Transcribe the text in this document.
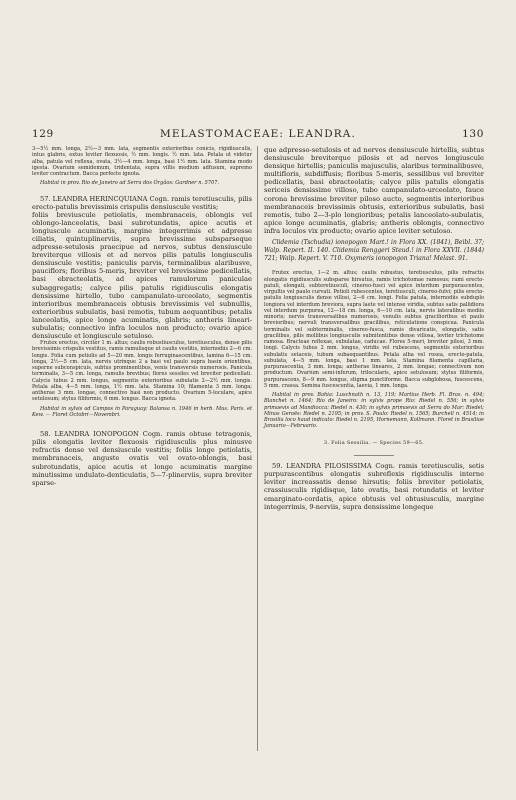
129	MELASTOMACEAE: LEANDRA.	130

3—5½ mm. longa, 2½—3 mm. lata, segmentis exterioribus conicis, rigidiusculis, intus glabris, extus leviter flexuosis, ½ mm. longis. ½ mm. lata. Petala ut videtur alba, patula vel reflexa, ovata, 3½—4 mm. longa, basi 1½ mm. lata. Stamina modo igesta. Ovarium semidemum, tridentata, supra villis medium adfusum, supremo leviter contractum. Bacca perfecte ignota.

Habitat in prov. Rio de Janeiro ad Serra dos Órgãos: Gardner n. 5707.

57. LEANDRA HERINCQUIANA Cogn. ramis teretiusculis, pilis erecto-patulis brevissimis crispulis densiuscule vestitis;

foliis breviuscule petiolatis, membranaceis, oblongis vel oblongo-lanceolatis, basi subrotundatis, apice acutis et longiuscule acuminatis, margine integerrimis et adpresse ciliatis, quintuplinerviis, supra brevissime subsparseque adpresse-setulosis praecipue ad nervos, subtus densiuscule breviterque villosis et ad nervos pilis patulis longiusculis densiuscule vestitis; paniculis parvis, terminalibus alaribusve, pauciflors; floribus 5-meris, breviter vel brevissime pedicellatis, basi ebracteolatis, ad apices ramulorum paniculae subaggregatis; calyce pilis patulis rigidiusculis elongatis densissime hirtello, tubo campanulato-urceolato, segmentis interioribus membranaceis obtusis brevissimis vel subnullis, exterioribus subulatis, basi remotis, tubum aequantibus; petalis lanceolatis, apice longe acuminatis, glabris; antheris lineari-subulatis; connectivo infra loculos non producto; ovario apice densiuscule et longiuscule setuloso.

Frutex erectus, circiter 1 m. altus; caulis robustiusculus, teretiusculus, dense pilis brevissimis crispulis vestitus, ramis ramulisque ut caulis vestitis, internodiis 2—6 cm. longis. Folia cum petiolis ad 5—20 mm. longis ferruginascentibus, lamina 6—15 cm. longa, 2½—5 cm. lata, nervis utrinque 2 a basi vel paulo supra basin orientibus, superne subconspicuis, subtus prominentibus, venis transversis numerosis. Panicula terminalis, 3—5 cm. longa, ramulis brevibus; flores sessiles vel breviter pedicellati. Calycis tubus 2 mm. longus, segmentis exterioribus subulatis 2—2½ mm. longis. Petala alba, 4—5 mm. longa, 1½ mm. lata. Stamina 10; filamenta 3 mm. longa; antherae 3 mm. longae, connectivo basi non producto. Ovarium 5-loculare, apice setulosum; stylus filiformis, 6 mm. longus. Bacca ignota.

Habitat in sylvis ad Campos in Paraguay: Balansa n. 1946 in herb. Mus. Paris. et Kew. — Floret Octobri—Novembri.

58. LEANDRA IONOPOGON Cogn. ramis obtuse tetragonis, pilis elongatis leviter flexuosis rigidiusculis plus minusve refractis dense vel densiuscule vestitis; foliis longe petiolatis, membranaceis, anguste ovatis vel ovato-oblongis, basi subrotundatis, apice acutis et longe acuminatis margine minutissime undulato-denticulatis, 5—7-plinerviis, supra breviter sparse-

que adpresso-setulosis et ad nervos densiuscule hirtellis, subtus densiuscule breviterque pilosis et ad nervos longiuscule densique hirtellis; paniculis majusculis, alaribus terminalibusve, multifloris, subdiffusis; floribus 5-meris, sessilibus vel breviter pedicellatis, basi ebracteolatis; calyce pilis patulis elongatis sericeis densissime villoso, tubo campanulato-urceolato, fauce corona brevissime breviter piloso aucto, segmentis interioribus membranaceis brevissimis obtusis, exterioribus subulatis, basi remotis, tubo 2—3-plo longioribus; petalis lanceolato-subulatis, apice longe acuminatis, glabris; antheris oblongis, connectivo infra loculos vix producto; ovario apice leviter setuloso.

Clidemia (Tschudia) ionopogon Mart.! in Flora XX. (1841), Beibl. 37; Walp. Repert. II. 140. Clidemia Renggeri Steud.! in Flora XXVII. (1844) 721; Walp. Repert. V. 710. Oxymeris ionopogon Triana! Melast. 91.

Frutex erectus, 1—2 m. altus; caulis robustus, teretiusculus, pilis refractis elongatis rigidiusculis subsparse hirsutus, ramis trichotomae ramosus; rami erecto-patuli, elongati, subteretiusculi, cinereo-fusci vel apice interdum purpurascentes, virgultis vel paulo curvati. Petioli rubescentes, teretiusculi, cinereo-fulvi; pilis erecto-patulis longiusculis dense villosi, 2—6 cm. longi. Folia patula, internodiis subduplo longiora vel interdum breviora, supra laete vel intense viridia, subtus satis pallidiora vel interdum purpurea, 12—18 cm. longa, 6—10 cm. lata, nervis lateralibus mediis minoris; nervis transversalibus numerosis, venulis subtus gracilioribus et paulo brevioribus; nervuli transversalibus gracilibus, reticulatione conspicua. Panicula terminalis vel subterminalis, cinereo-fusca, ramis divaricatis, elongatis, satis gracilibus, pilis mollibus longiusculis subnitentibus dense villosa, leviter trichotome ramosa. Bracteae reflexae, subulatae, caducae. Flores 5-meri, breviter pilosi, 3 mm. longi. Calycis tubus 2 mm. longus, viridis vel rubescens, segmentis exterioribus subulatis setaceis, tubum subaequantibus. Petala alba vel rosea, erecto-patula, subulata, 4—5 mm. longa, basi 1 mm. lata. Stamina filamenta capillaria, purpurascentia, 3 mm. longa; antherae lineares, 2 mm. longae; connectivum non productum. Ovarium semi-inferum, trilocularis, apice setulosum; stylus filiformis, purpurascens, 8—9 mm. longus, stigma punctiforme. Bacca subglobosa, fuscescens, 5 mm. crassa. Semina fuscescentia, laevia, 1 mm. longa.

Habitat in prov. Bahia: Luschnath n. 13, 119; Martius Herb. Fl. Bras. n. 494; Blanchet n. 1464; Rio de Janeiro: in sylvis prope Rio: Riedel n. 556; in sylvis primaevis ad Mandiocca: Riedel n. 430; in sylvis primaevis ad Serra do Mar: Riedel; Minas Geraës: Riedel n. 2195; in prov. S. Paulo: Riedel n. 1565; Burchell n. 4514; in Brasilia loco haud indicato: Riedel n. 2195, Hornemann, Kollmann. Floret in Brasiliae Januario—Februario.

3. Folia Sessilia. — Species 59—65.

59. LEANDRA PILOSISSIMA Cogn. ramis teretiusculis, setis purpurascentibus elongatis subreflexis rigidiusculis interne leviter increassatis dense hirsutis; foliis breviter petiolatis, crassiusculis rigidisque, late ovatis, basi rotundatis et leviter emarginato-cordatis, apice obtusis vel obtusiusculis, margine integerrimis, 9-nerviis, supra densissime longeque
